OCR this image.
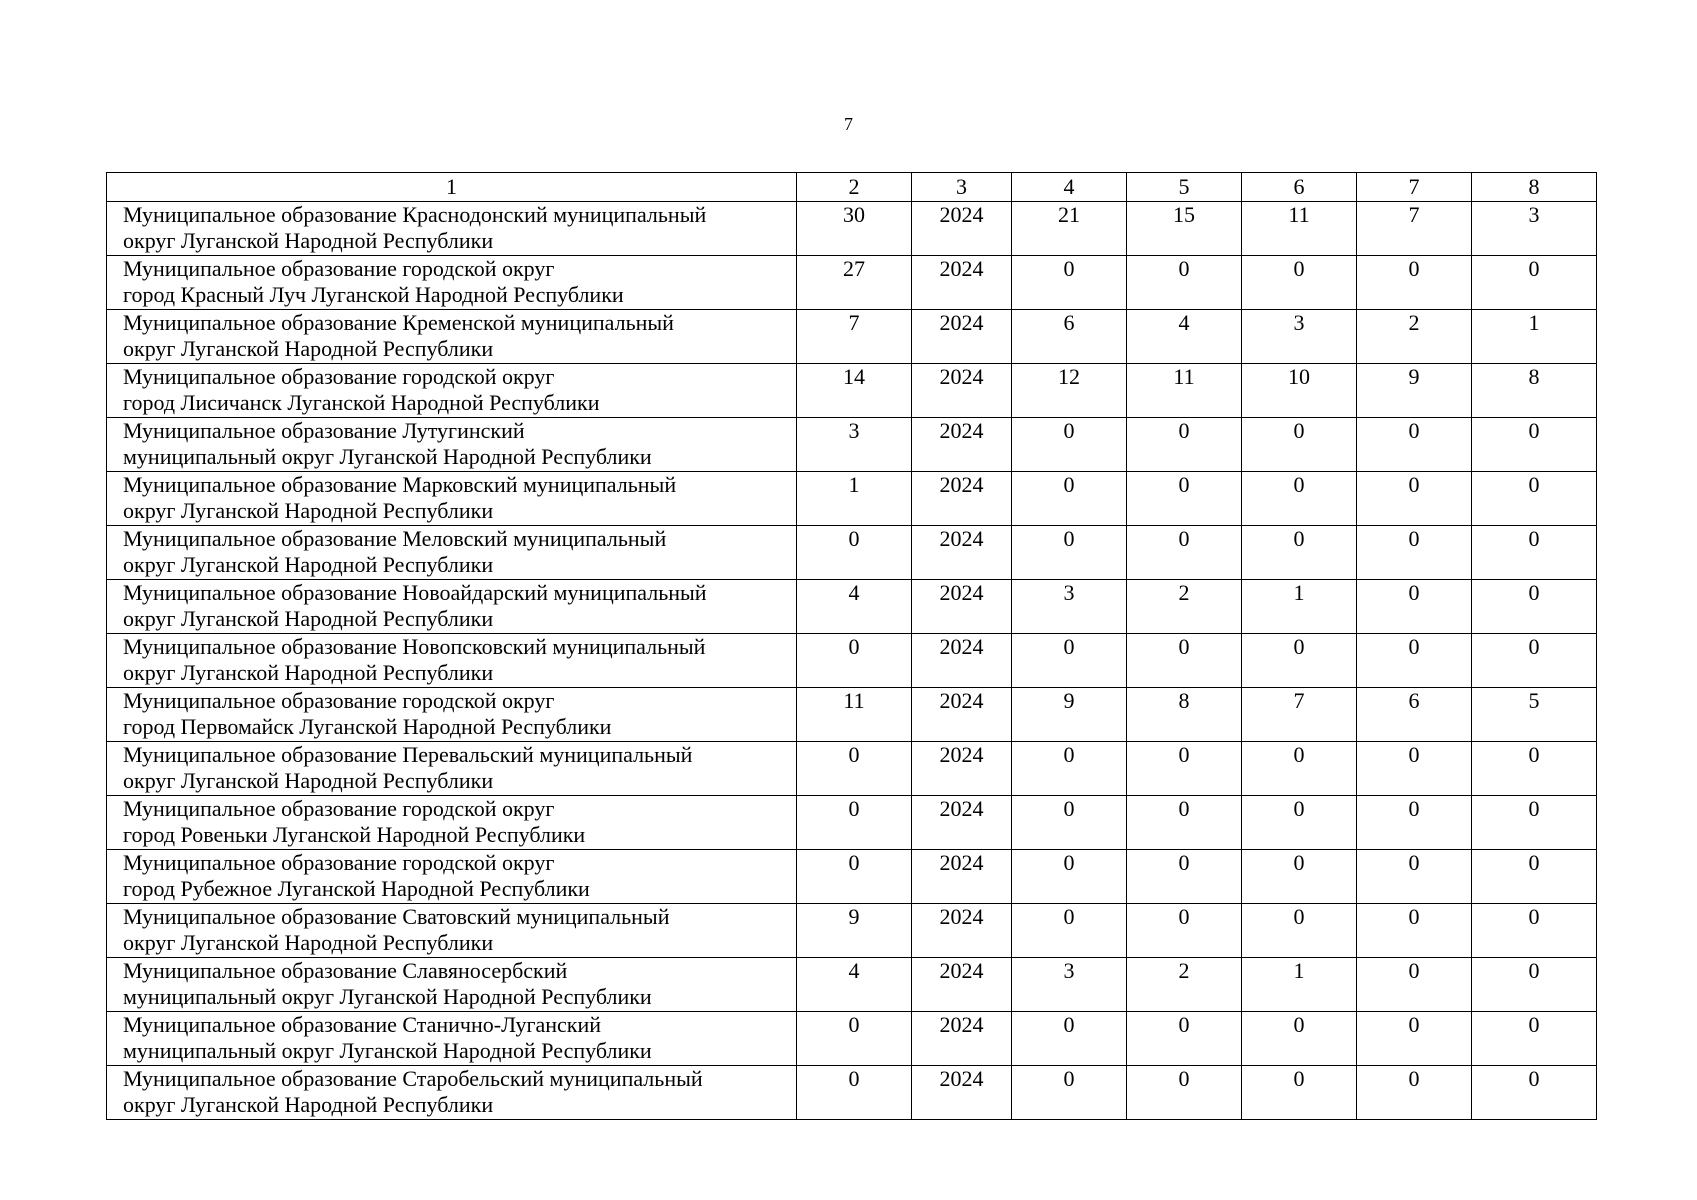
7
1	2	3	4	5	6	7	8

Муниципальное образование Краснодонский муниципальный
округ Луганской Народной Республики	30	2024	21	15	11	7	3

Муниципальное образование городской округ
город Красный Луч Луганской Народной Республики	27	2024	0	0	0	0	0

Муниципальное образование Кременской муниципальный
округ Луганской Народной Республики	7	2024	6	4	3	2	1

Муниципальное образование городской округ
город Лисичанск Луганской Народной Республики	14	2024	12	11	10	9	8

Муниципальное образование Лутугинский
муниципальный округ Луганской Народной Республики	3	2024	0	0	0	0	0

Муниципальное образование Марковский муниципальный
округ Луганской Народной Республики	1	2024	0	0	0	0	0

Муниципальное образование Меловский муниципальный
округ Луганской Народной Республики	0	2024	0	0	0	0	0

Муниципальное образование Новоайдарский муниципальный
округ Луганской Народной Республики	4	2024	3	2	1	0	0

Муниципальное образование Новопсковский муниципальный
округ Луганской Народной Республики	0	2024	0	0	0	0	0

Муниципальное образование городской округ
город Первомайск Луганской Народной Республики	11	2024	9	8	7	6	5

Муниципальное образование Перевальский муниципальный
округ Луганской Народной Республики	0	2024	0	0	0	0	0

Муниципальное образование городской округ
город Ровеньки Луганской Народной Республики	0	2024	0	0	0	0	0

Муниципальное образование городской округ
город Рубежное Луганской Народной Республики	0	2024	0	0	0	0	0

Муниципальное образование Сватовский муниципальный
округ Луганской Народной Республики	9	2024	0	0	0	0	0

Муниципальное образование Славяносербский
муниципальный округ Луганской Народной Республики	4	2024	3	2	1	0	0

Муниципальное образование Станично-Луганский
муниципальный округ Луганской Народной Республики	0	2024	0	0	0	0	0

Муниципальное образование Старобельский муниципальный
округ Луганской Народной Республики	0	2024	0	0	0	0	0
